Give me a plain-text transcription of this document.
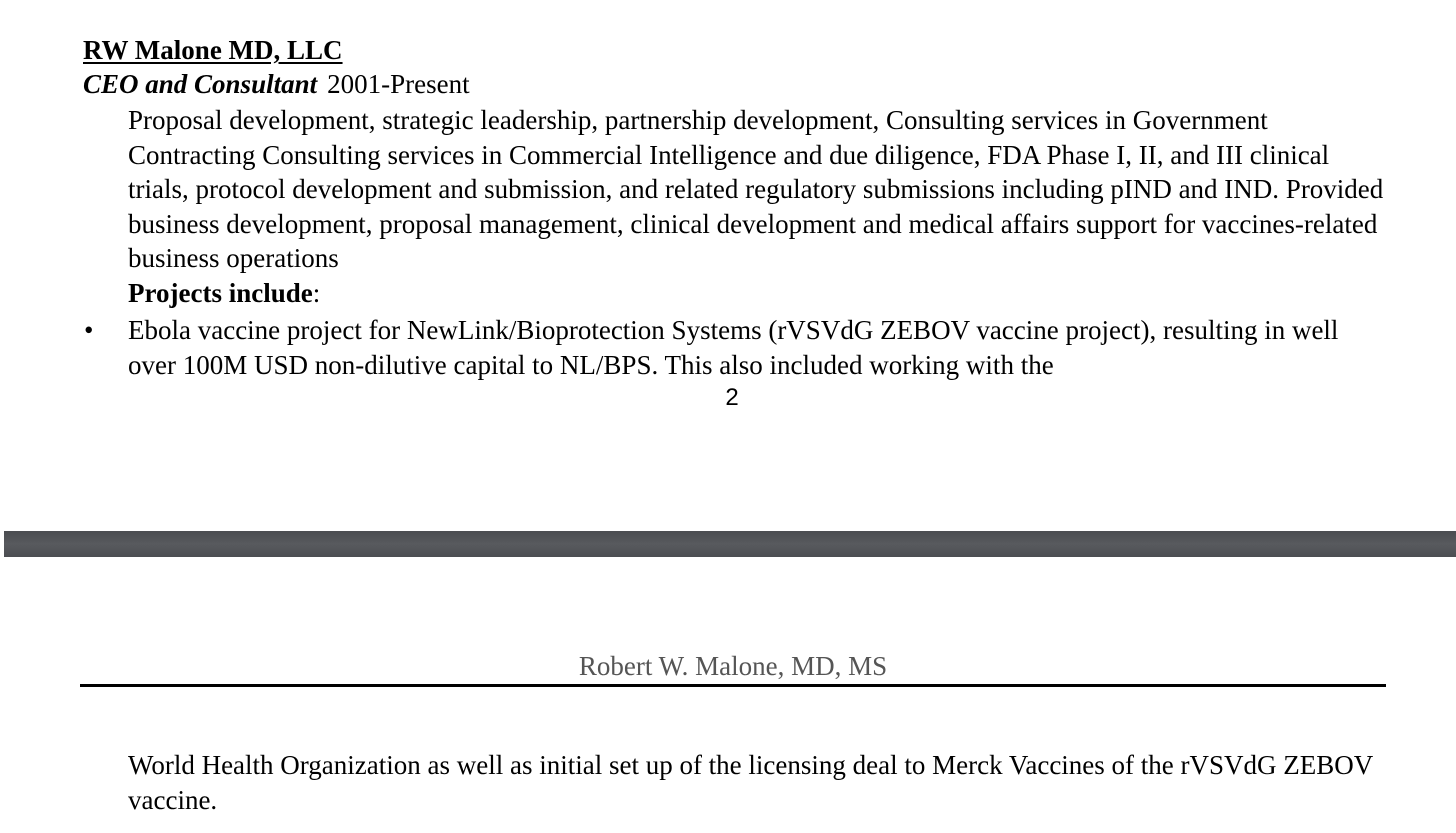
RW Malone MD, LLC
CEO and Consultant 2001-Present

Proposal development, strategic leadership, partnership development, Consulting services in Government Contracting Consulting services in Commercial Intelligence and due diligence, FDA Phase I, II, and III clinical trials, protocol development and submission, and related regulatory submissions including pIND and IND. Provided business development, proposal management, clinical development and medical affairs support for vaccines-related business operations

Projects include:
• Ebola vaccine project for NewLink/Bioprotection Systems (rVSVdG ZEBOV vaccine project), resulting in well over 100M USD non-dilutive capital to NL/BPS. This also included working with the

2
Robert W. Malone, MD, MS

World Health Organization as well as initial set up of the licensing deal to Merck Vaccines of the rVSVdG ZEBOV vaccine.
